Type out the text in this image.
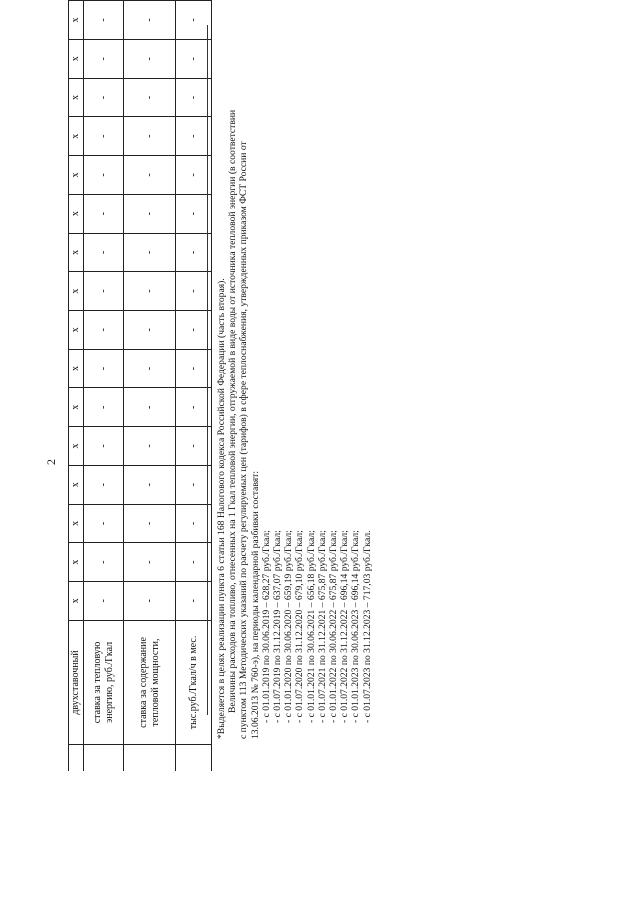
2
	двухставочный	х	х	х	х	х	х	х	х	х	х	х	х	х	х	х	х
	ставка за тепловую энергию, руб./Гкал	-	-	-	-	-	-	-	-	-	-	-	-	-	-	-	-
	ставка за содержание тепловой мощности,	-	-	-	-	-	-	-	-	-	-	-	-	-	-	-	-
	тыс.руб./Гкал/ч в мес.	-	-	-	-	-	-	-	-	-	-	-	-	-	-	-	-

*Выделяется в целях реализации пункта 6 статьи 168 Налогового кодекса Российской Федерации (часть вторая). Величины расходов на топливо, отнесенных на 1 Гкал тепловой энергии, отгружаемой в виде воды от источника тепловой энергии (в соответствии с пунктом 113 Методических указаний по расчету регулируемых цен (тарифов) в сфере теплоснабжения, утвержденных приказом ФСТ России от 13.06.2013 № 760-э), на периоды календарной разбивки составят: - с 01.01.2019 по 30.06.2019 – 628,27 руб./Гкал; - с 01.07.2019 по 31.12.2019 – 637,07 руб./Гкал; - с 01.01.2020 по 30.06.2020 – 659,19 руб./Гкал; - с 01.07.2020 по 31.12.2020 – 679,10 руб./Гкал; - с 01.01.2021 по 30.06.2021 – 656,18 руб./Гкал; - с 01.07.2021 по 31.12.2021 – 675,87 руб./Гкал; - с 01.01.2022 по 30.06.2022 – 675,87 руб./Гкал; - с 01.07.2022 по 31.12.2022 – 696,14 руб./Гкал; - с 01.01.2023 по 30.06.2023 – 696,14 руб./Гкал; - с 01.07.2023 по 31.12.2023 – 717,03 руб./Гкал.
